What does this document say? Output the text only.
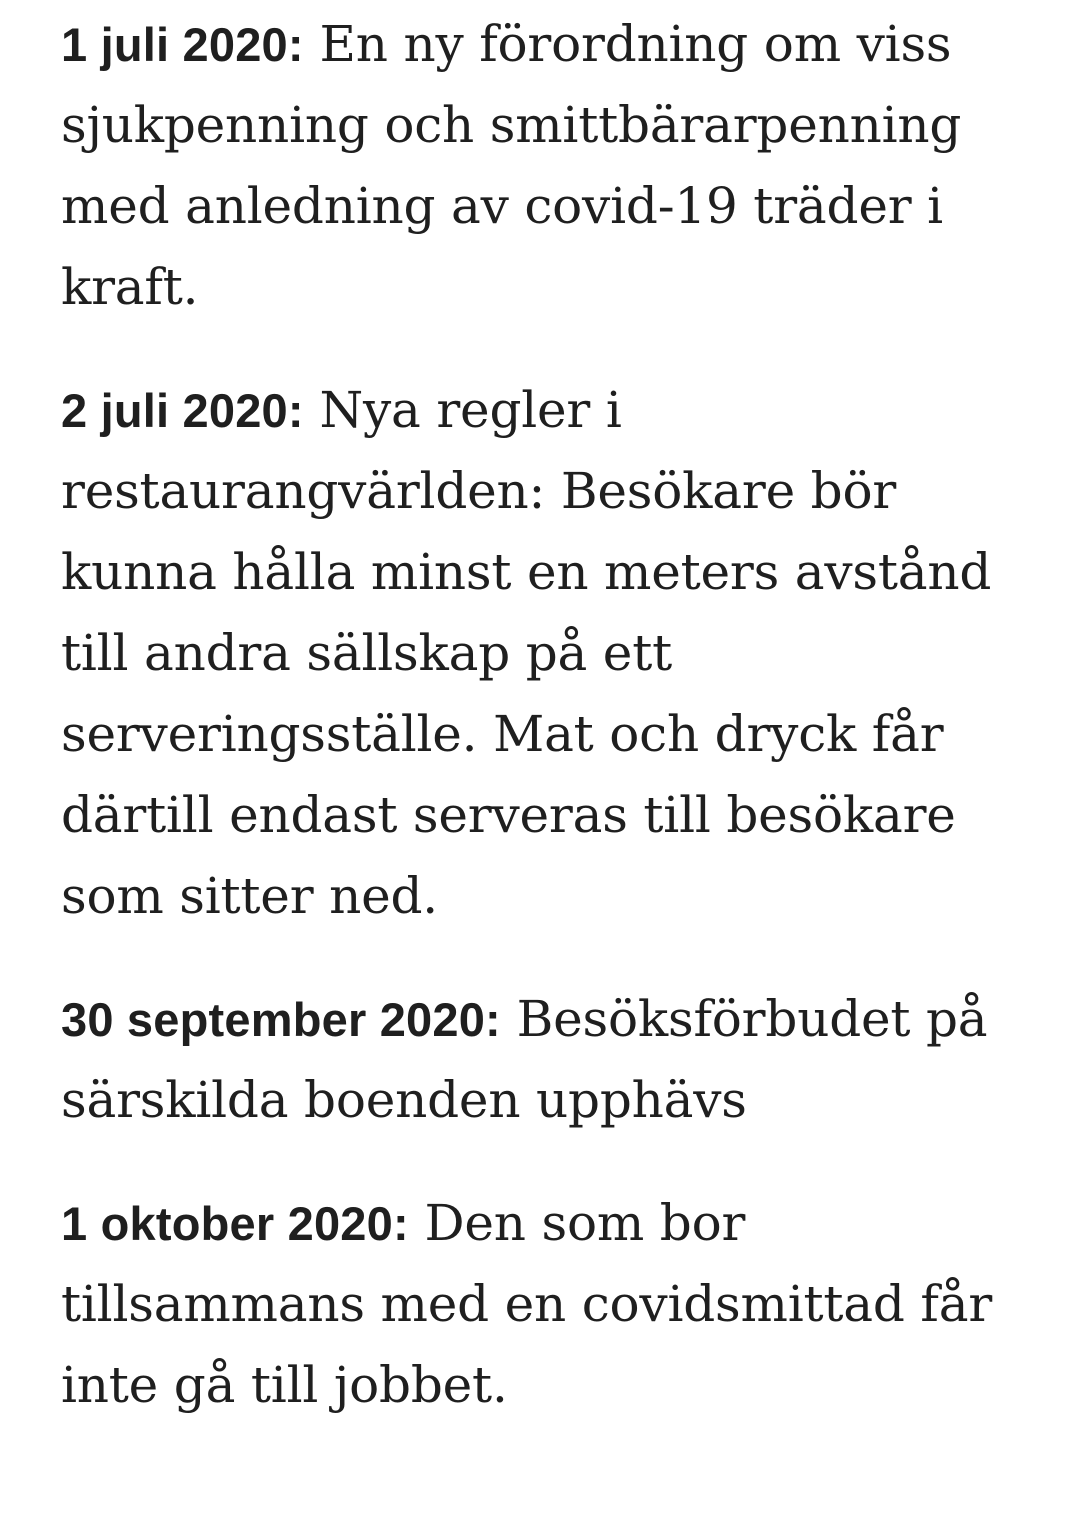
1 juli 2020: En ny förordning om viss sjukpenning och smittbärarpenning med anledning av covid-19 träder i kraft.

2 juli 2020: Nya regler i restaurangvärlden: Besökare bör kunna hålla minst en meters avstånd till andra sällskap på ett serveringsställe. Mat och dryck får därtill endast serveras till besökare som sitter ned.

30 september 2020: Besöksförbudet på särskilda boenden upphävs

1 oktober 2020: Den som bor tillsammans med en covidsmittad får inte gå till jobbet.
